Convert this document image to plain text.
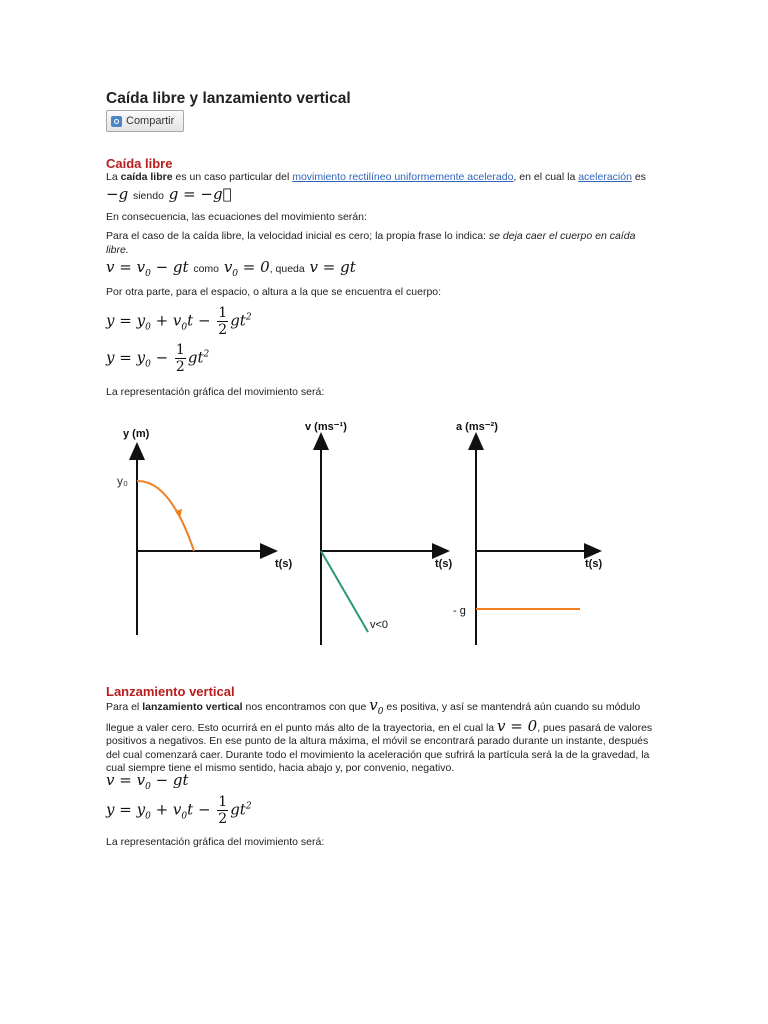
Caída libre y lanzamiento vertical
Compartir
Caída libre

La caída libre es un caso particular del movimiento rectilíneo uniformemente acelerado, en el cual la aceleración es

−g siendo g = −g⃗

En consecuencia, las ecuaciones del movimiento serán:

Para el caso de la caída libre, la velocidad inicial es cero; la propia frase lo indica: se deja caer el cuerpo en caída libre.

$v = v_0$ − gt como $v_0 = 0$, queda v = gt

Por otra parte, para el espacio, o altura a la que se encuentra el cuerpo:

$y = y_0 + v_0t - \frac{1}{2} gt^2$
$y = y_0 - \frac{1}{2} gt^2$

La representación gráfica del movimiento será:

y (m)
y₀
t(s)
v (ms⁻¹)
v<0
t(s)
a (ms⁻²)
- g
t(s)
Lanzamiento vertical

Para el lanzamiento vertical nos encontramos con que $v_0$ es positiva, y así se mantendrá aún cuando su módulo llegue a valer cero. Esto ocurrirá en el punto más alto de la trayectoria, en el cual la v = 0, pues pasará de valores positivos a negativos. En ese punto de la altura máxima, el móvil se encontrará parado durante un instante, después del cual comenzará caer. Durante todo el movimiento la aceleración que sufrirá la partícula será la de la gravedad, la cual siempre tiene el mismo sentido, hacia abajo y, por convenio, negativo.

$v = v_0$ − gt
$y = y_0 + v_0t - \frac{1}{2} gt^2$

La representación gráfica del movimiento será:
